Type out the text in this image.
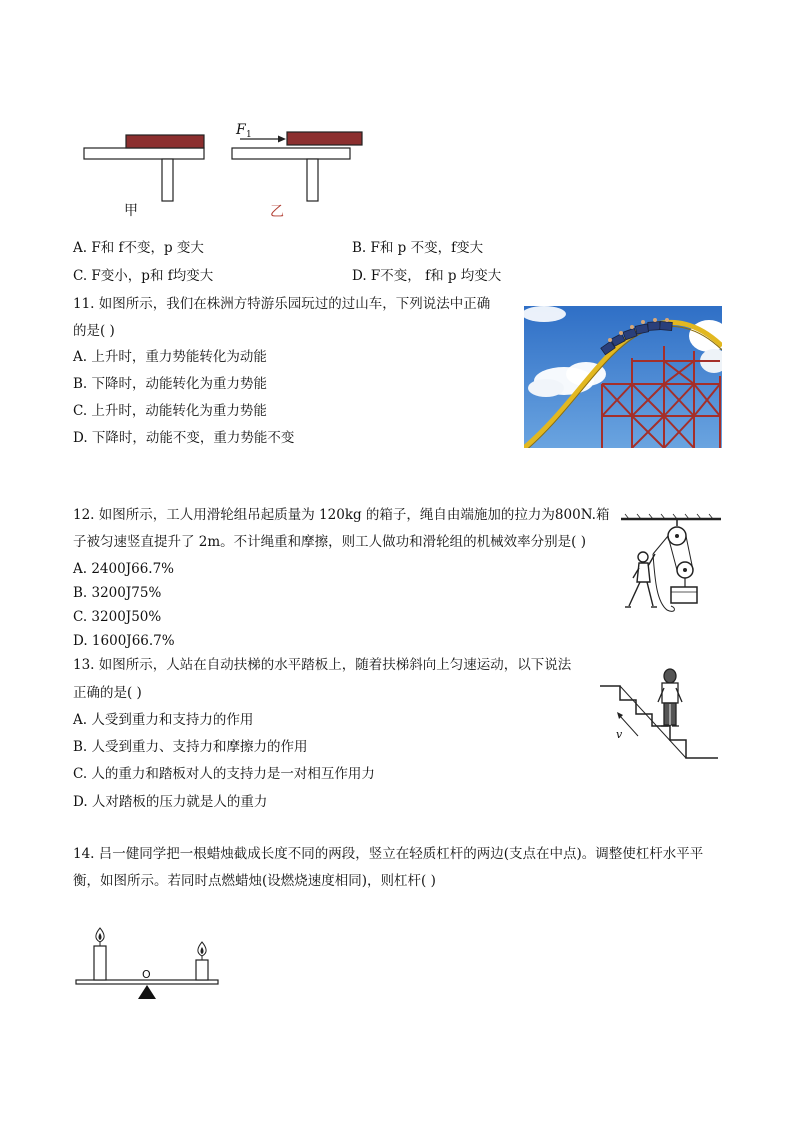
F 1
甲	乙
A. F和 f不变，p 变大	B. F和 p 不变，f变大
C. F变小，p和 f均变大	D. F不变， f和 p 均变大
11. 如图所示，我们在株洲方特游乐园玩过的过山车，下列说法中正确
的是( )
A. 上升时，重力势能转化为动能
B. 下降时，动能转化为重力势能
C. 上升时，动能转化为重力势能
D. 下降时，动能不变，重力势能不变
12. 如图所示，工人用滑轮组吊起质量为 120kg 的箱子，绳自由端施加的拉力为800N.箱
子被匀速竖直提升了 2m。不计绳重和摩擦，则工人做功和滑轮组的机械效率分别是( )
A. 2400J66.7%
B. 3200J75%
C. 3200J50%
D. 1600J66.7%
13. 如图所示，人站在自动扶梯的水平踏板上，随着扶梯斜向上匀速运动，以下说法
正确的是( )
A. 人受到重力和支持力的作用
B. 人受到重力、支持力和摩擦力的作用
C. 人的重力和踏板对人的支持力是一对相互作用力
D. 人对踏板的压力就是人的重力
v
14. 吕一健同学把一根蜡烛截成长度不同的两段，竖立在轻质杠杆的两边(支点在中点)。调整使杠杆水平平
衡，如图所示。若同时点燃蜡烛(设燃烧速度相同)，则杠杆( )
O
